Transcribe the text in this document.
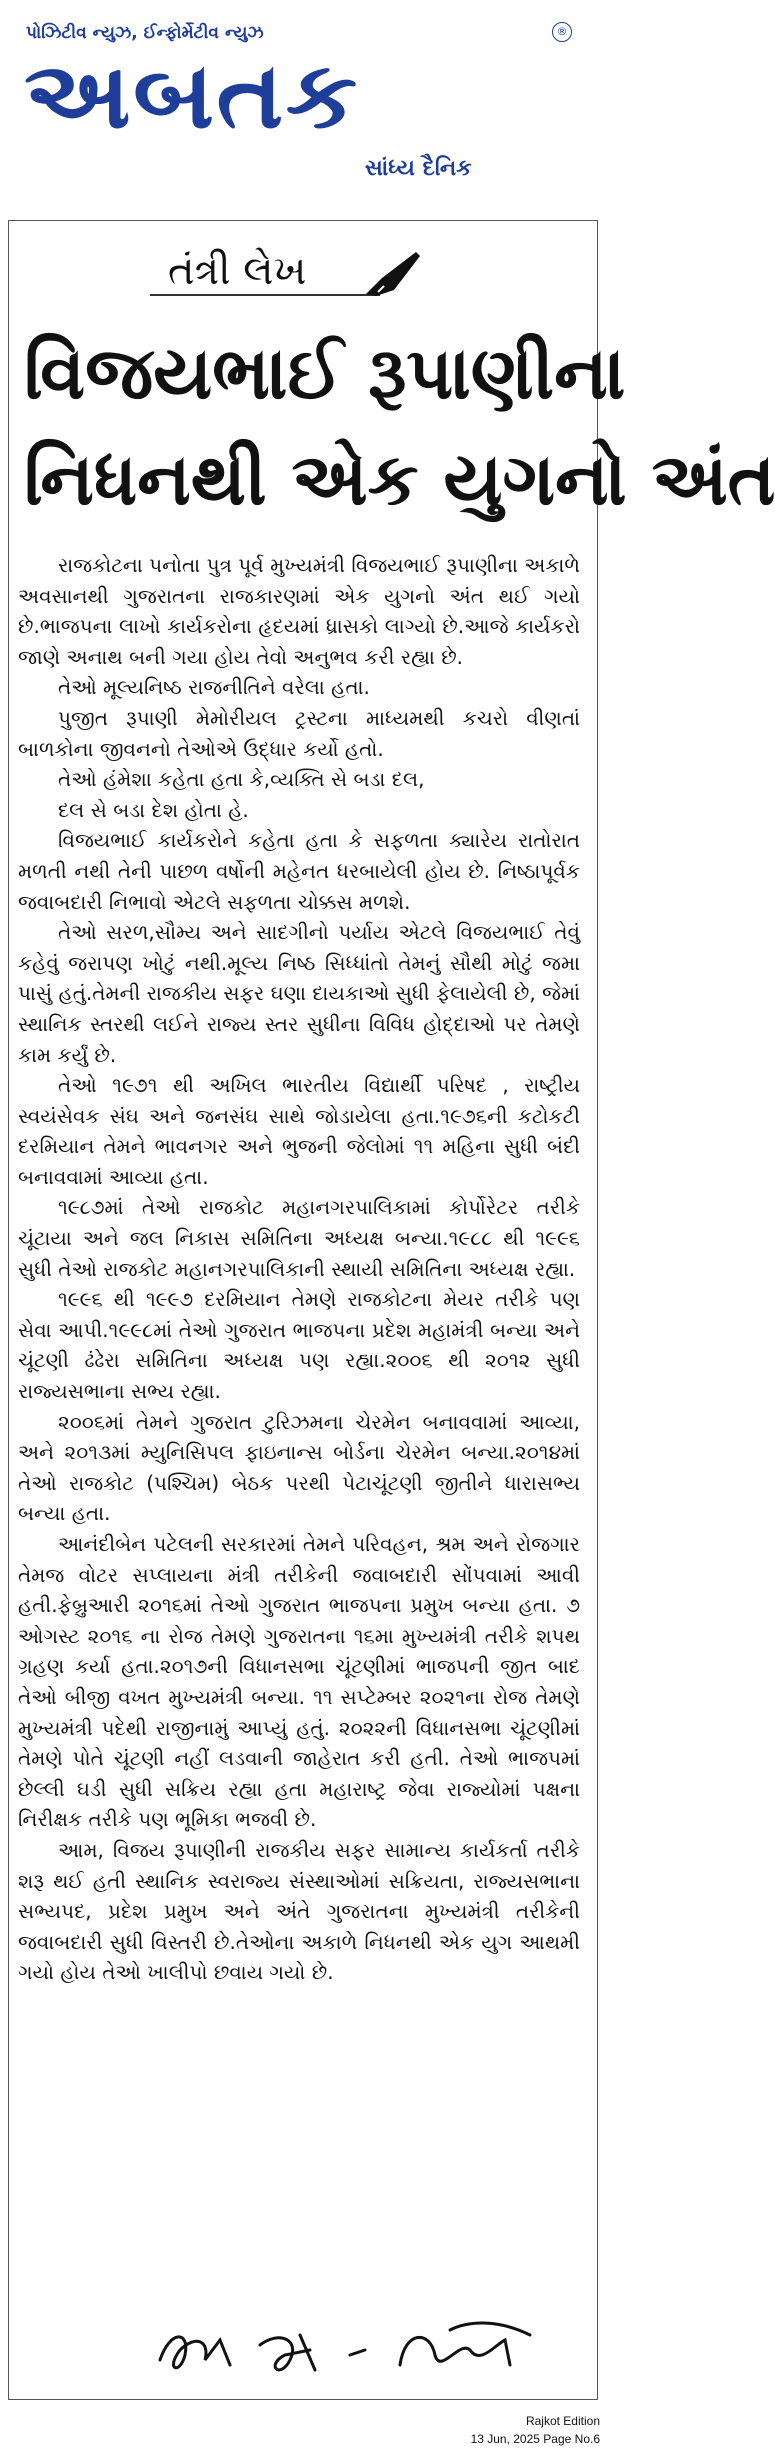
પોઝિટીવ ન્યુઝ, ઈન્ફોર્મેટીવ ન્યુઝ
અબતક
®
સાંધ્ય દૈનિક
તંત્રી લેખ
વિજયભાઈ રૂપાણીના
નિધનથી એક યુગનો અંત

રાજકોટના પનોતા પુત્ર પૂર્વ મુખ્યમંત્રી વિજયભાઈ રૂપાણીના અકાળે અવસાનથી ગુજરાતના રાજકારણમાં એક યુગનો અંત થઈ ગયો છે.ભાજપના લાખો કાર્યકરોના હૃદયમાં ધ્રાસકો લાગ્યો છે.આજે કાર્યકરો જાણે અનાથ બની ગયા હોય તેવો અનુભવ કરી રહ્યા છે.

તેઓ મૂલ્યનિષ્ઠ રાજનીતિને વરેલા હતા.

પુજીત રૂપાણી મેમોરીયલ ટ્રસ્ટના માધ્યમથી કચરો વીણતાં બાળકોના જીવનનો તેઓએ ઉદ્ધાર કર્યો હતો.

તેઓ હંમેશા કહેતા હતા કે,વ્યક્તિ સે બડા દલ,

દલ સે બડા દેશ હોતા હે.

વિજયભાઈ કાર્યકરોને કહેતા હતા કે સફળતા ક્યારેય રાતોરાત મળતી નથી તેની પાછળ વર્ષોની મહેનત ધરબાયેલી હોય છે. નિષ્ઠાપૂર્વક જવાબદારી નિભાવો એટલે સફળતા ચોક્કસ મળશે.

તેઓ સરળ,સૌમ્ય અને સાદગીનો પર્યાય એટલે વિજયભાઈ તેવું કહેવું જરાપણ ખોટું નથી.મૂલ્ય નિષ્ઠ સિધ્ધાંતો તેમનું સૌથી મોટું જમા પાસું હતું.તેમની રાજકીય સફર ઘણા દાયકાઓ સુધી ફેલાયેલી છે, જેમાં સ્થાનિક સ્તરથી લઈને રાજ્ય સ્તર સુધીના વિવિધ હોદ્દાઓ પર તેમણે કામ કર્યું છે.

તેઓ ૧૯૭૧ થી અખિલ ભારતીય વિદ્યાર્થી પરિષદ , રાષ્ટ્રીય સ્વયંસેવક સંઘ અને જનસંઘ સાથે જોડાયેલા હતા.૧૯૭૬ની કટોકટી દરમિયાન તેમને ભાવનગર અને ભુજની જેલોમાં ૧૧ મહિના સુધી બંદી બનાવવામાં આવ્યા હતા.

૧૯૮૭માં તેઓ રાજકોટ મહાનગરપાલિકામાં કોર્પોરેટર તરીકે ચૂંટાયા અને જલ નિકાસ સમિતિના અધ્યક્ષ બન્યા.૧૯૮૮ થી ૧૯૯૬ સુધી તેઓ રાજકોટ મહાનગરપાલિકાની સ્થાયી સમિતિના અધ્યક્ષ રહ્યા.

૧૯૯૬ થી ૧૯૯૭ દરમિયાન તેમણે રાજકોટના મેયર તરીકે પણ સેવા આપી.૧૯૯૮માં તેઓ ગુજરાત ભાજપના પ્રદેશ મહામંત્રી બન્યા અને ચૂંટણી ઢંઢેરા સમિતિના અધ્યક્ષ પણ રહ્યા.૨૦૦૬ થી ૨૦૧૨ સુધી રાજ્યસભાના સભ્ય રહ્યા.

૨૦૦૬માં તેમને ગુજરાત ટુરિઝમના ચેરમેન બનાવવામાં આવ્યા, અને ૨૦૧૩માં મ્યુનિસિપલ ફાઇનાન્સ બોર્ડના ચેરમેન બન્યા.૨૦૧૪માં તેઓ રાજકોટ (પશ્ચિમ) બેઠક પરથી પેટાચૂંટણી જીતીને ધારાસભ્ય બન્યા હતા.

આનંદીબેન પટેલની સરકારમાં તેમને પરિવહન, શ્રમ અને રોજગાર તેમજ વોટર સપ્લાયના મંત્રી તરીકેની જવાબદારી સોંપવામાં આવી હતી.ફેબ્રુઆરી ૨૦૧૬માં તેઓ ગુજરાત ભાજપના પ્રમુખ બન્યા હતા. ૭ ઓગસ્ટ ૨૦૧૬ ના રોજ તેમણે ગુજરાતના ૧૬મા મુખ્યમંત્રી તરીકે શપથ ગ્રહણ કર્યા હતા.૨૦૧૭ની વિધાનસભા ચૂંટણીમાં ભાજપની જીત બાદ તેઓ બીજી વખત મુખ્યમંત્રી બન્યા. ૧૧ સપ્ટેમ્બર ૨૦૨૧ના રોજ તેમણે મુખ્યમંત્રી પદેથી રાજીનામું આપ્યું હતું. ૨૦૨૨ની વિધાનસભા ચૂંટણીમાં તેમણે પોતે ચૂંટણી નહીં લડવાની જાહેરાત કરી હતી. તેઓ ભાજપમાં છેલ્લી ઘડી સુધી સક્રિય રહ્યા હતા મહારાષ્ટ્ર જેવા રાજ્યોમાં પક્ષના નિરીક્ષક તરીકે પણ ભૂમિકા ભજવી છે.

આમ, વિજય રૂપાણીની રાજકીય સફર સામાન્ય કાર્યકર્તા તરીકે શરૂ થઈ હતી સ્થાનિક સ્વરાજ્ય સંસ્થાઓમાં સક્રિયતા, રાજ્યસભાના સભ્યપદ, પ્રદેશ પ્રમુખ અને અંતે ગુજરાતના મુખ્યમંત્રી તરીકેની જવાબદારી સુધી વિસ્તરી છે.તેઓના અકાળે નિધનથી એક યુગ આથમી ગયો હોય તેઓ ખાલીપો છવાય ગયો છે.

Rajkot Edition
13 Jun, 2025 Page No.6
